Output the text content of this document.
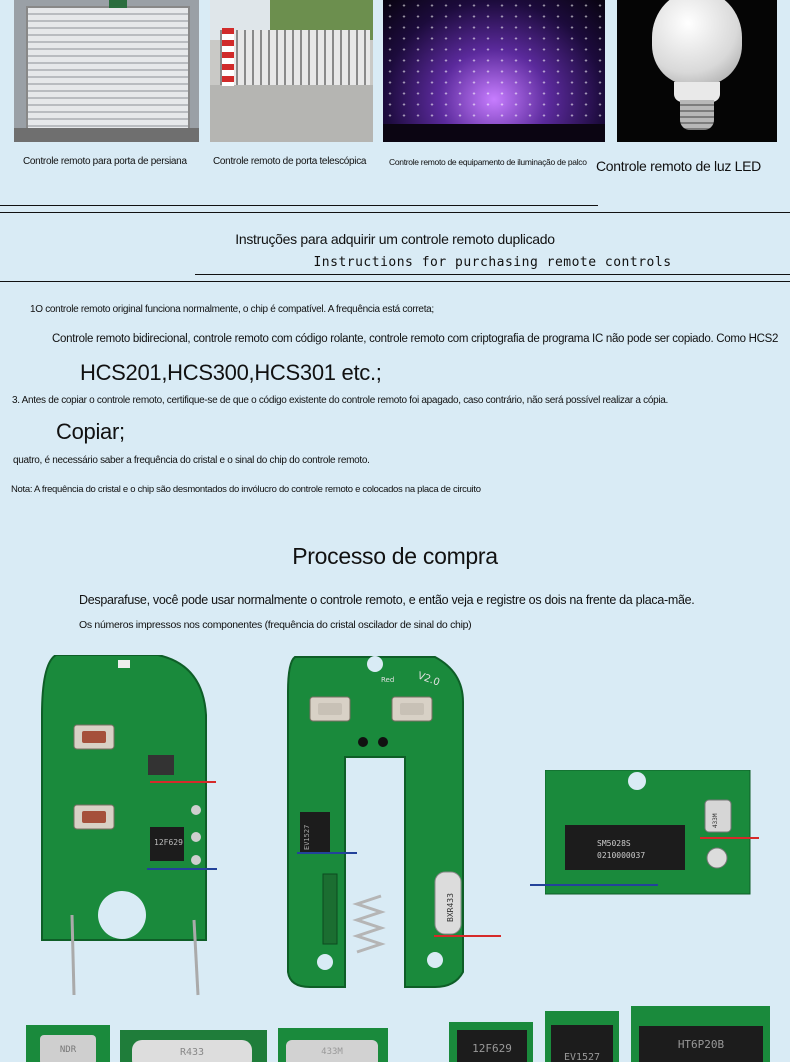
Controle remoto para porta de persiana	Controle remoto de porta telescópica	Controle remoto de equipamento de iluminação de palco Controle remoto de luz LED
Instruções para adquirir um controle remoto duplicado
Instructions for purchasing remote controls
1O controle remoto original funciona normalmente, o chip é compatível. A frequência está correta;
Controle remoto bidirecional, controle remoto com código rolante, controle remoto com criptografia de programa IC não pode ser copiado. Como HCS2
HCS201,HCS300,HCS301 etc.;
3. Antes de copiar o controle remoto, certifique-se de que o código existente do controle remoto foi apagado, caso contrário, não será possível realizar a cópia.
Copiar;
quatro, é necessário saber a frequência do cristal e o sinal do chip do controle remoto.
Nota: A frequência do cristal e o chip são desmontados do invólucro do controle remoto e colocados na placa de circuito
Processo de compra
Desparafuse, você pode usar normalmente o controle remoto, e então veja e registre os dois na frente da placa-mãe.
Os números impressos nos componentes (frequência do cristal oscilador de sinal do chip)
12F629	EV1527
BXR433
V2.0
Red
SM5028S
0210000037
433M
NDR	R433	433M	12F629
EV1527
HT6P20B
